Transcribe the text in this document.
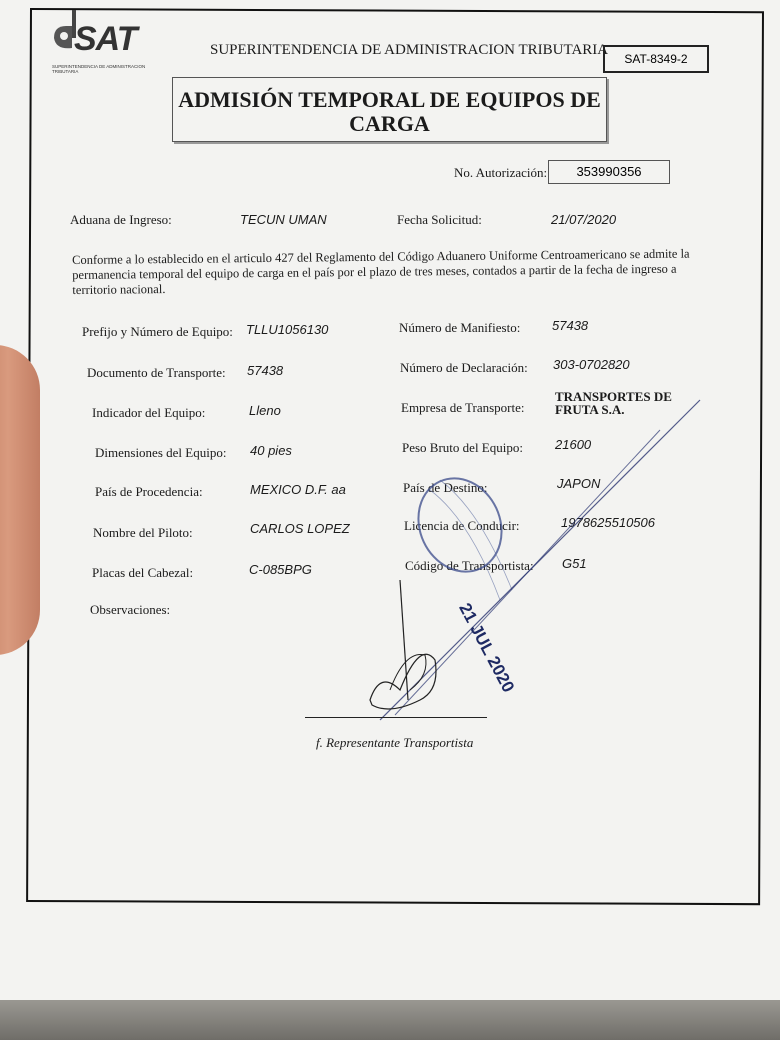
SAT
SUPERINTENDENCIA DE ADMINISTRACION TRIBUTARIA
SUPERINTENDENCIA DE ADMINISTRACION TRIBUTARIA
SAT-8349-2
ADMISIÓN TEMPORAL DE EQUIPOS DE CARGA
No. Autorización:	353990356
Aduana de Ingreso:	TECUN UMAN	Fecha Solicitud:	21/07/2020
Conforme a lo establecido en el articulo 427 del Reglamento del Código Aduanero Uniforme Centroamericano se admite la permanencia temporal del equipo de carga en el país por el plazo de tres meses, contados a partir de la fecha de ingreso a territorio nacional.
Prefijo y Número de Equipo: TLLU1056130
Documento de Transporte: 57438
Indicador del Equipo:	Lleno
Dimensiones del Equipo: 40 pies
País de Procedencia:	MEXICO D.F. aa
Nombre del Piloto:	CARLOS LOPEZ
Placas del Cabezal:	C-085BPG
Número de Manifiesto: 57438
Número de Declaración: 303-0702820
Empresa de Transporte:
TRANSPORTES DE
FRUTA S.A.
Peso Bruto del Equipo: 21600
País de Destino:	JAPON
Licencia de Conducir:	1978625510506
Código de Transportista: G51
Observaciones:	21 JUL 2020
f. Representante Transportista
